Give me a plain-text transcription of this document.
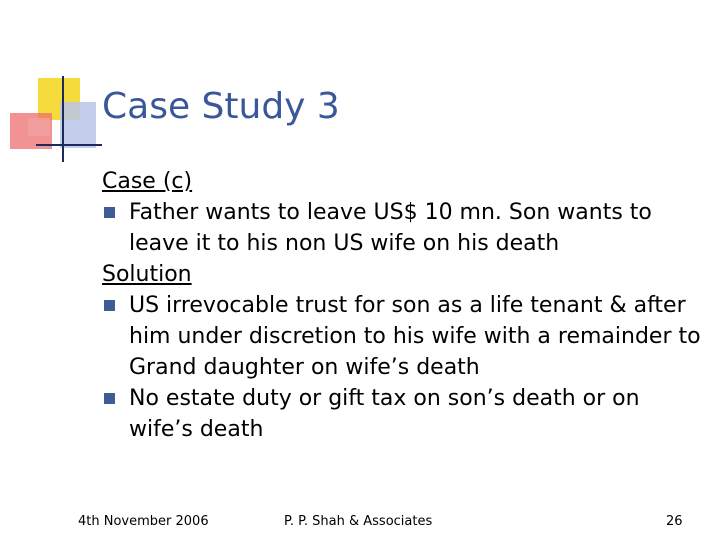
Case Study 3
Case (c)
Father wants to leave US$ 10 mn. Son wants to leave it to his non US wife on his death
Solution
US irrevocable trust for son as a life tenant & after him under discretion to his wife with a remainder to Grand daughter on wife’s death
No estate duty or gift tax on son’s death or on wife’s death
4th November 2006	P. P. Shah & Associates	26
